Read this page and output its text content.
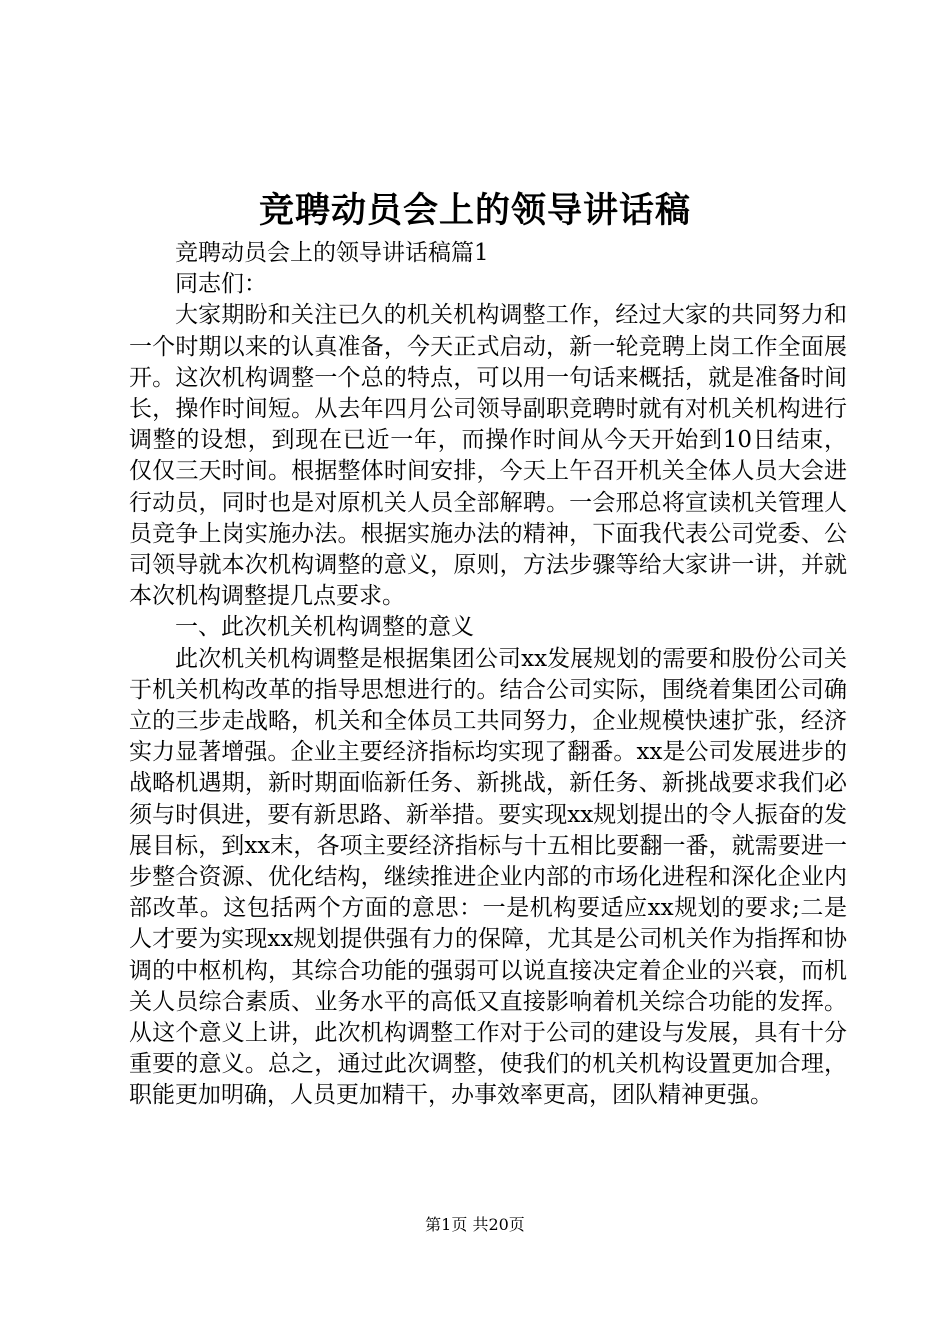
竞聘动员会上的领导讲话稿

竞聘动员会上的领导讲话稿篇1

同志们：

大家期盼和关注已久的机关机构调整工作，经过大家的共同努力和一个时期以来的认真准备，今天正式启动，新一轮竞聘上岗工作全面展开。这次机构调整一个总的特点，可以用一句话来概括，就是准备时间长，操作时间短。从去年四月公司领导副职竞聘时就有对机关机构进行调整的设想，到现在已近一年，而操作时间从今天开始到10日结束，仅仅三天时间。根据整体时间安排，今天上午召开机关全体人员大会进行动员，同时也是对原机关人员全部解聘。一会邢总将宣读机关管理人员竞争上岗实施办法。根据实施办法的精神，下面我代表公司党委、公司领导就本次机构调整的意义，原则，方法步骤等给大家讲一讲，并就本次机构调整提几点要求。

一、此次机关机构调整的意义

此次机关机构调整是根据集团公司xx发展规划的需要和股份公司关于机关机构改革的指导思想进行的。结合公司实际，围绕着集团公司确立的三步走战略，机关和全体员工共同努力，企业规模快速扩张，经济实力显著增强。企业主要经济指标均实现了翻番。xx是公司发展进步的战略机遇期，新时期面临新任务、新挑战，新任务、新挑战要求我们必须与时俱进，要有新思路、新举措。要实现xx规划提出的令人振奋的发展目标，到xx末，各项主要经济指标与十五相比要翻一番，就需要进一步整合资源、优化结构，继续推进企业内部的市场化进程和深化企业内部改革。这包括两个方面的意思：一是机构要适应xx规划的要求;二是人才要为实现xx规划提供强有力的保障，尤其是公司机关作为指挥和协调的中枢机构，其综合功能的强弱可以说直接决定着企业的兴衰，而机关人员综合素质、业务水平的高低又直接影响着机关综合功能的发挥。从这个意义上讲，此次机构调整工作对于公司的建设与发展，具有十分重要的意义。总之，通过此次调整，使我们的机关机构设置更加合理，职能更加明确，人员更加精干，办事效率更高，团队精神更强。

第1页 共20页
